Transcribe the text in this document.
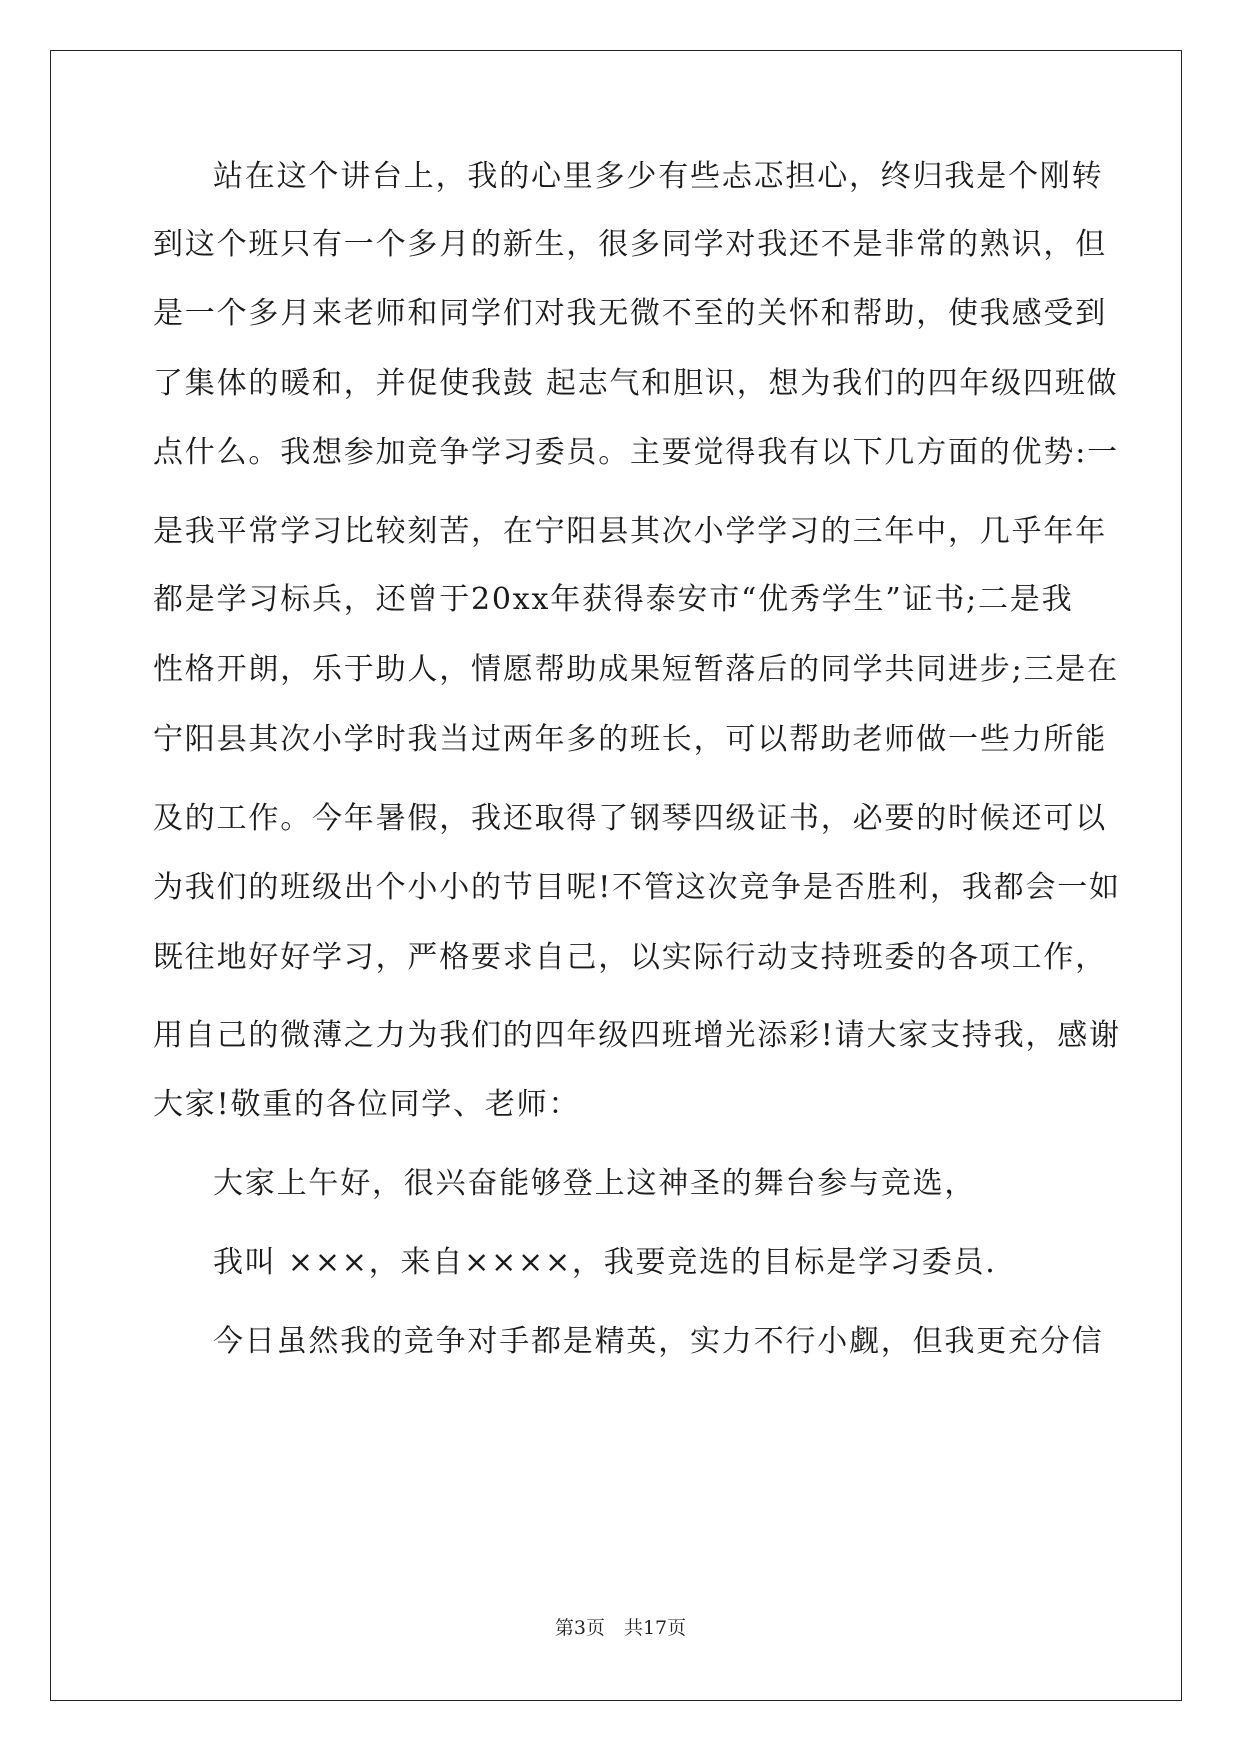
站在这个讲台上，我的心里多少有些忐忑担心，终归我是个刚转
到这个班只有一个多月的新生，很多同学对我还不是非常的熟识，但
是一个多月来老师和同学们对我无微不至的关怀和帮助，使我感受到
了集体的暖和，并促使我鼓 起志气和胆识，想为我们的四年级四班做
点什么。我想参加竞争学习委员。主要觉得我有以下几方面的优势:一
是我平常学习比较刻苦，在宁阳县其次小学学习的三年中，几乎年年
都是学习标兵，还曾于20xx年获得泰安市“优秀学生”证书;二是我
性格开朗，乐于助人，情愿帮助成果短暂落后的同学共同进步;三是在
宁阳县其次小学时我当过两年多的班长，可以帮助老师做一些力所能
及的工作。今年暑假，我还取得了钢琴四级证书，必要的时候还可以
为我们的班级出个小小的节目呢!不管这次竞争是否胜利，我都会一如
既往地好好学习，严格要求自己，以实际行动支持班委的各项工作，
用自己的微薄之力为我们的四年级四班增光添彩!请大家支持我，感谢
大家!敬重的各位同学、老师：
大家上午好，很兴奋能够登上这神圣的舞台参与竞选，
我叫 ×××，来自××××，我要竞选的目标是学习委员.
今日虽然我的竞争对手都是精英，实力不行小觑，但我更充分信
第3页　共17页
